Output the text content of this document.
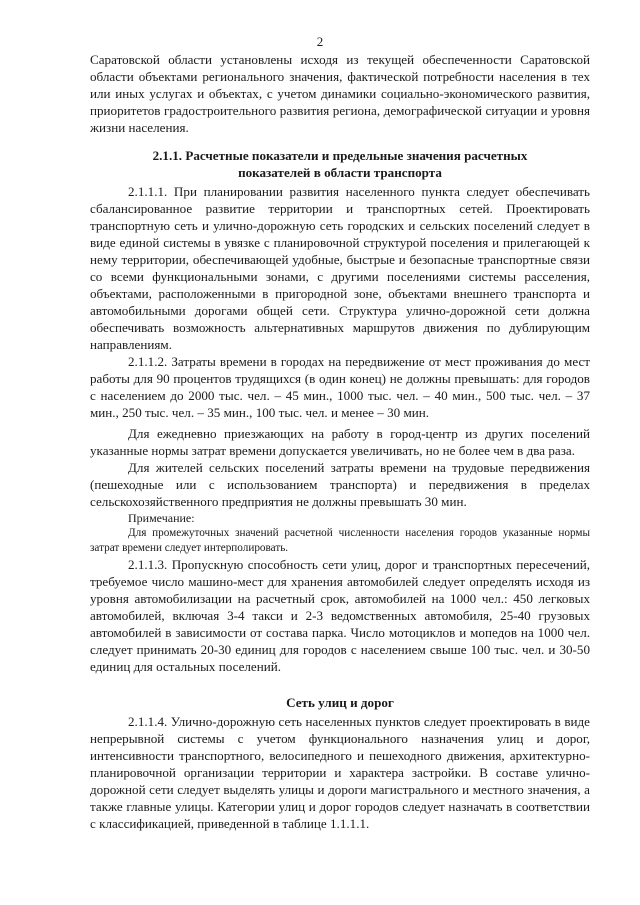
2

Саратовской области установлены исходя из текущей обеспеченности Саратовской области объектами регионального значения, фактической потребности населения в тех или иных услугах и объектах, с учетом динамики социально-экономического развития, приоритетов градостроительного развития региона, демографической ситуации и уровня жизни населения.

2.1.1. Расчетные показатели и предельные значения расчетных
показателей в области транспорта

2.1.1.1. При планировании развития населенного пункта следует обеспечивать сбалансированное развитие территории и транспортных сетей. Проектировать транспортную сеть и улично-дорожную сеть городских и сельских поселений следует в виде единой системы в увязке с планировочной структурой поселения и прилегающей к нему территории, обеспечивающей удобные, быстрые и безопасные транспортные связи со всеми функциональными зонами, с другими поселениями системы расселения, объектами, расположенными в пригородной зоне, объектами внешнего транспорта и автомобильными дорогами общей сети. Структура улично-дорожной сети должна обеспечивать возможность альтернативных маршрутов движения по дублирующим направлениям.

2.1.1.2. Затраты времени в городах на передвижение от мест проживания до мест работы для 90 процентов трудящихся (в один конец) не должны превышать: для городов с населением до 2000 тыс. чел. – 45 мин., 1000 тыс. чел. – 40 мин., 500 тыс. чел. – 37 мин., 250 тыс. чел. – 35 мин., 100 тыс. чел. и менее – 30 мин.

Для ежедневно приезжающих на работу в город-центр из других поселений указанные нормы затрат времени допускается увеличивать, но не более чем в два раза.

Для жителей сельских поселений затраты времени на трудовые передвижения (пешеходные или с использованием транспорта) и передвижения в пределах сельскохозяйственного предприятия не должны превышать 30 мин.

Примечание:

Для промежуточных значений расчетной численности населения городов указанные нормы затрат времени следует интерполировать.

2.1.1.3. Пропускную способность сети улиц, дорог и транспортных пересечений, требуемое число машино-мест для хранения автомобилей следует определять исходя из уровня автомобилизации на расчетный срок, автомобилей на 1000 чел.: 450 легковых автомобилей, включая 3-4 такси и 2-3 ведомственных автомобиля, 25-40 грузовых автомобилей в зависимости от состава парка. Число мотоциклов и мопедов на 1000 чел. следует принимать 20-30 единиц для городов с населением свыше 100 тыс. чел. и 30-50 единиц для остальных поселений.

Сеть улиц и дорог

2.1.1.4. Улично-дорожную сеть населенных пунктов следует проектировать в виде непрерывной системы с учетом функционального назначения улиц и дорог, интенсивности транспортного, велосипедного и пешеходного движения, архитектурно-планировочной организации территории и характера застройки. В составе улично-дорожной сети следует выделять улицы и дороги магистрального и местного значения, а также главные улицы. Категории улиц и дорог городов следует назначать в соответствии с классификацией, приведенной в таблице 1.1.1.1.
